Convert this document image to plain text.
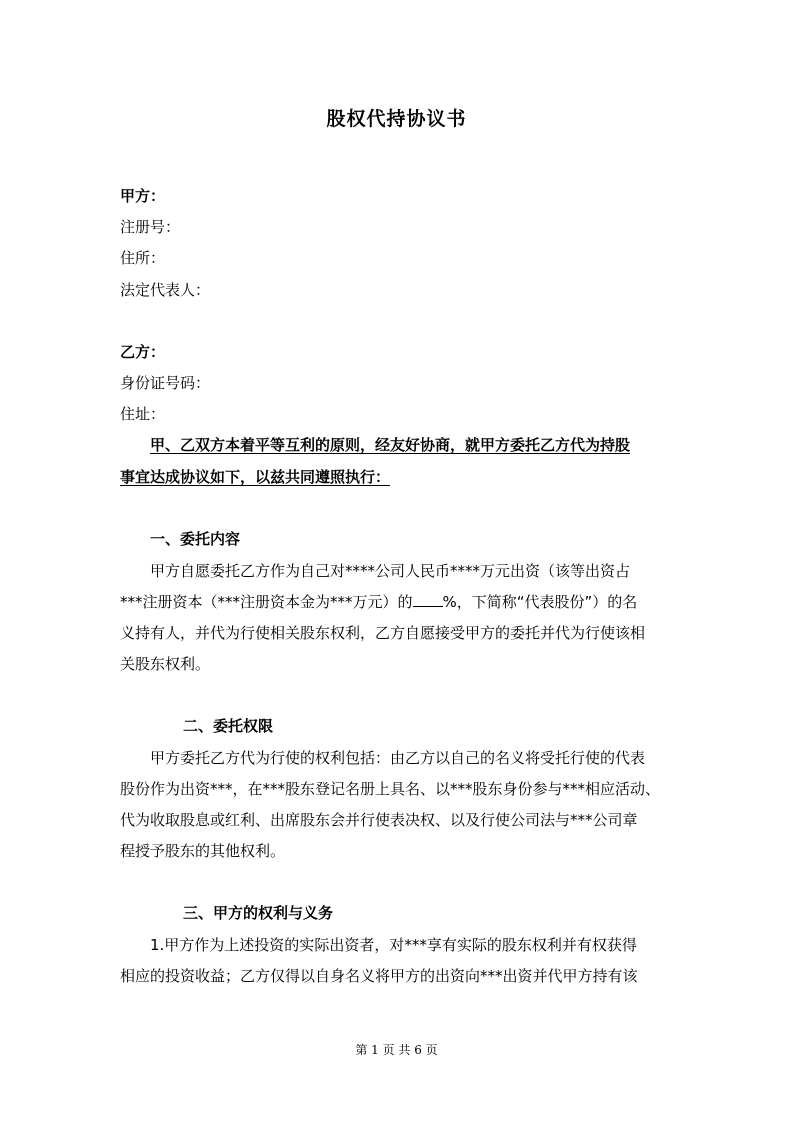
股权代持协议书
甲方：
注册号：
住所：
法定代表人：
乙方：
身份证号码：
住址：
甲、乙双方本着平等互利的原则，经友好协商，就甲方委托乙方代为持股
事宜达成协议如下，以兹共同遵照执行：
一、委托内容
甲方自愿委托乙方作为自己对****公司人民币****万元出资（该等出资占
***注册资本（***注册资本金为***万元）的 %，下简称“代表股份”）的名
义持有人，并代为行使相关股东权利，乙方自愿接受甲方的委托并代为行使该相
关股东权利。
二、委托权限
甲方委托乙方代为行使的权利包括：由乙方以自己的名义将受托行使的代表
股份作为出资***，在***股东登记名册上具名、以***股东身份参与***相应活动、
代为收取股息或红利、出席股东会并行使表决权、以及行使公司法与***公司章
程授予股东的其他权利。
三、甲方的权利与义务
1.甲方作为上述投资的实际出资者，对***享有实际的股东权利并有权获得
相应的投资收益；乙方仅得以自身名义将甲方的出资向***出资并代甲方持有该
第 1 页 共 6 页
